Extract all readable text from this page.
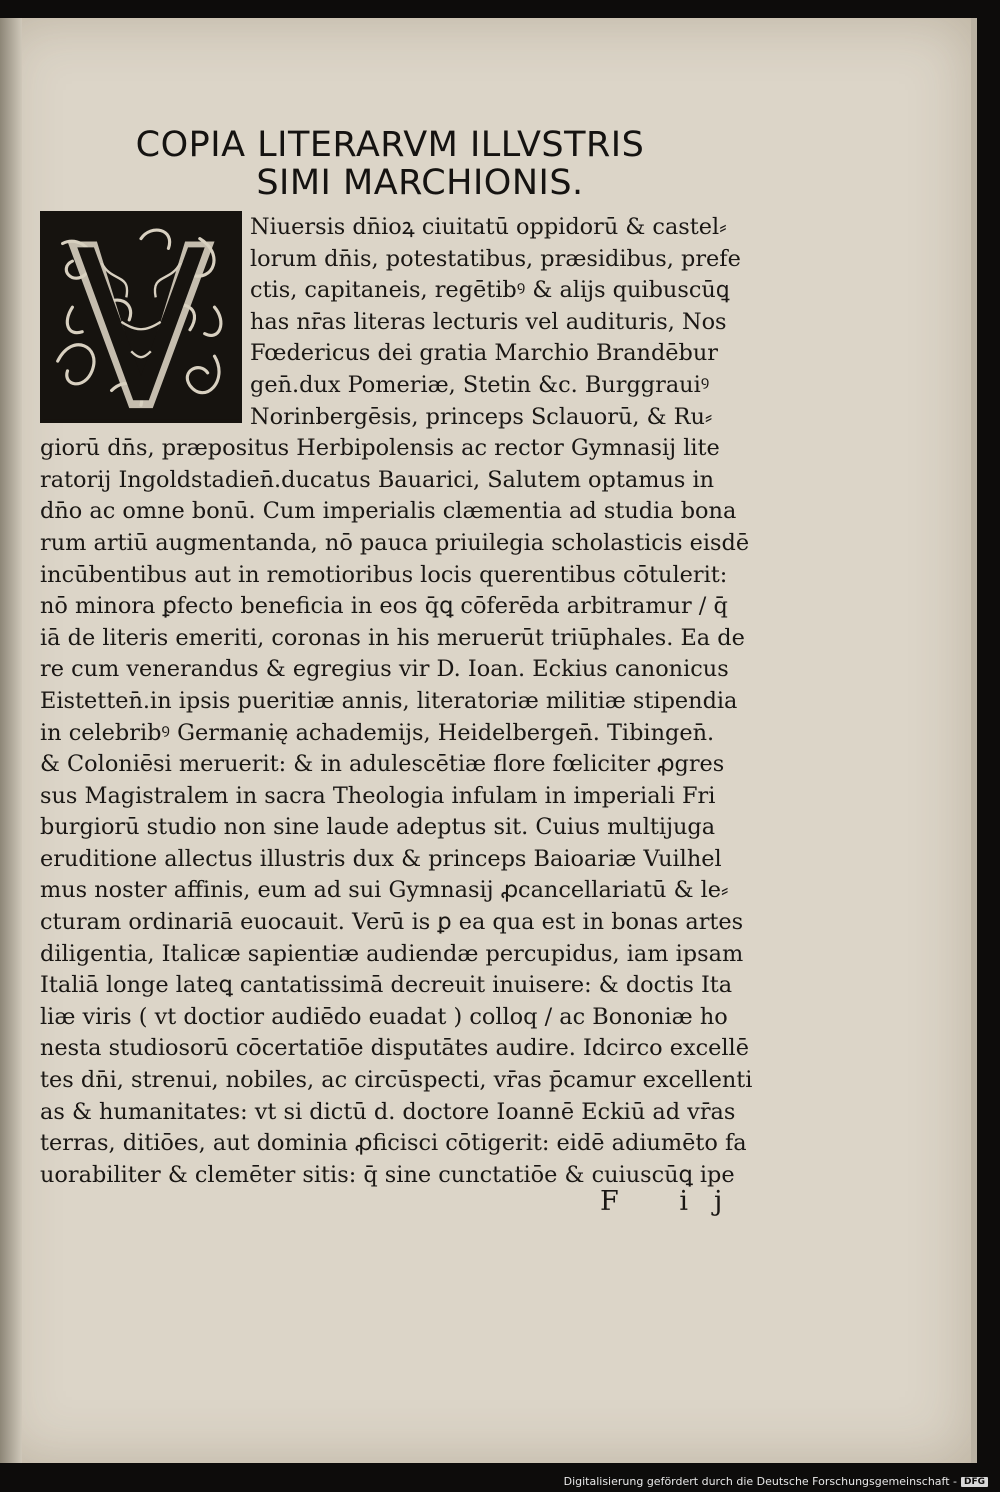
COPIA LITERARVM ILLVSTRIS
SIMI MARCHIONIS.
Niuersis dn̄ioꝝ ciuitatū oppidorū & castel⸗
lorum dn̄is, potestatibus, præsidibus, prefe
ctis, capitaneis, regētibꝰ & alijs quibuscūꝗ
has nr̄as literas lecturis vel audituris, Nos
Fœdericus dei gratia Marchio Brandēbur
gen̄.dux Pomeriæ, Stetin &c. Burggrauiꝰ
Norinbergēsis, princeps Sclauorū, & Ru⸗
giorū dn̄s, præpositus Herbipolensis ac rector Gymnasij lite
ratorij Ingoldstadien̄.ducatus Bauarici, Salutem optamus in
dn̄o ac omne bonū. Cum imperialis clæmentia ad studia bona
rum artiū augmentanda, nō pauca priuilegia scholasticis eisdē
incūbentibus aut in remotioribus locis querentibus cōtulerit:
nō minora ꝑfecto beneficia in eos q̄ꝗ cōferēda arbitramur / q̄
iā de literis emeriti, coronas in his meruerūt triūphales. Ea de
re cum venerandus & egregius vir D. Ioan. Eckius canonicus
Eistetten̄.in ipsis pueritiæ annis, literatoriæ militiæ stipendia
in celebribꝰ Germanię achademijs, Heidelbergen̄. Tibingen̄.
& Coloniēsi meruerit: & in adulescētiæ flore fœliciter ꝓgres
sus Magistralem in sacra Theologia infulam in imperiali Fri
burgiorū studio non sine laude adeptus sit. Cuius multijuga
eruditione allectus illustris dux & princeps Baioariæ Vuilhel
mus noster affinis, eum ad sui Gymnasij ꝓcancellariatū & le⸗
cturam ordinariā euocauit. Verū is ꝑ ea qua est in bonas artes
diligentia, Italicæ sapientiæ audiendæ percupidus, iam ipsam
Italiā longe lateꝗ cantatissimā decreuit inuisere: & doctis Ita
liæ viris ( vt doctior audiēdo euadat ) colloq / ac Bononiæ ho
nesta studiosorū cōcertatiōe disputātes audire. Idcirco excellē
tes dn̄i, strenui, nobiles, ac circūspecti, vr̄as p̄camur excellenti
as & humanitates: vt si dictū d. doctore Ioannē Eckiū ad vr̄as
terras, ditiōes, aut dominia ꝓficisci cōtigerit: eidē adiumēto fa
uorabiliter & clemēter sitis: q̄ sine cunctatiōe & cuiuscūꝗ ipe
F ij
Digitalisierung gefördert durch die Deutsche Forschungsgemeinschaft - DFG
